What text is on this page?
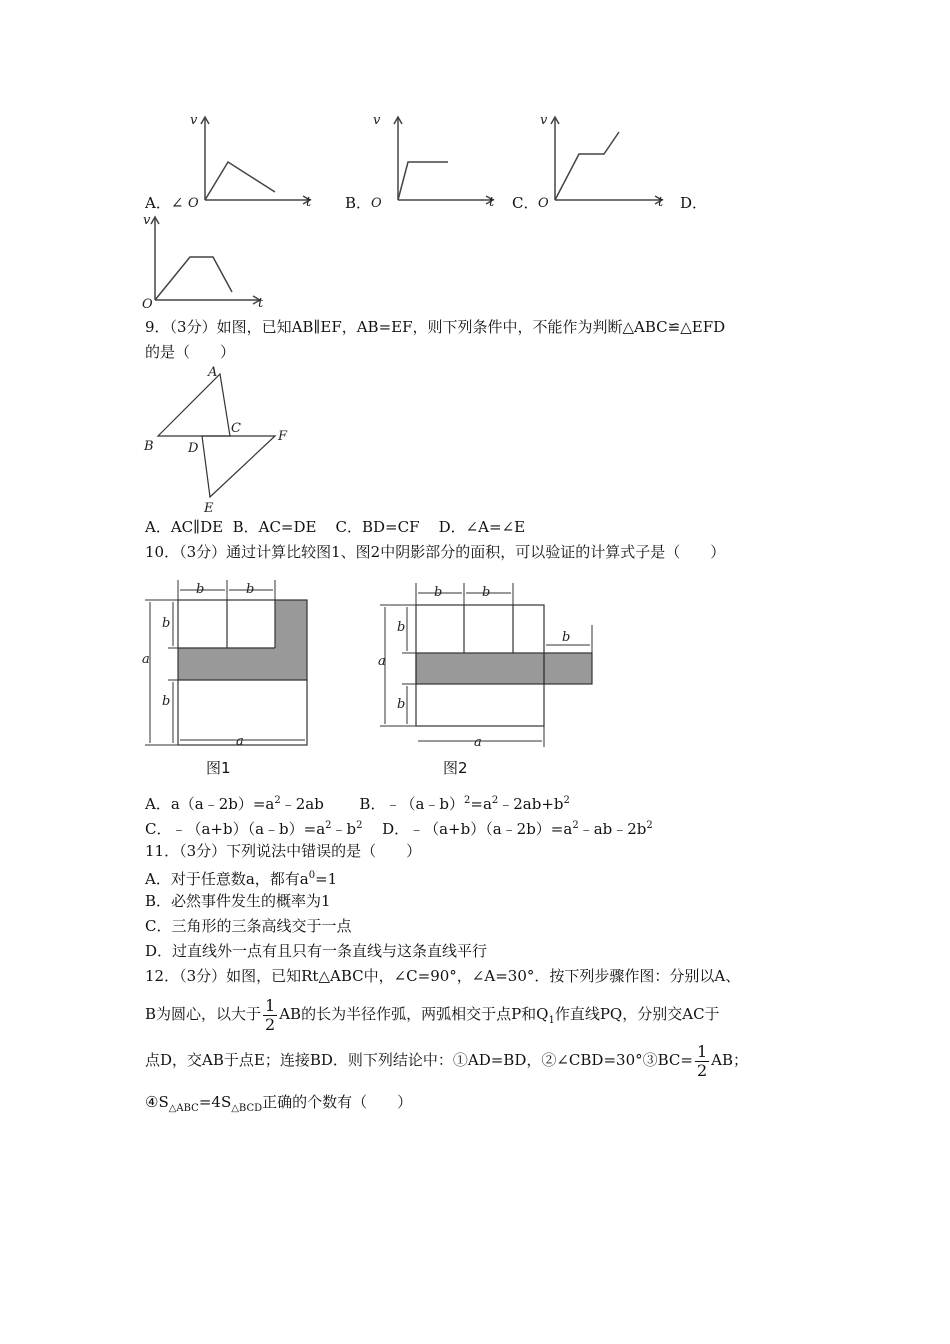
v
t
O
A．∠
v
t
O
B．
v
t
O
C．	D．
v
t
O
9．（3分）如图，已知AB∥EF，AB=EF，则下列条件中，不能作为判断△ABC≌△EFD
的是（　　）
A
B
C
D
E
F
A．AC∥DE  B．AC=DE    C．BD=CF    D．∠A=∠E
10．（3分）通过计算比较图1、图2中阴影部分的面积，可以验证的计算式子是（　　）
b	b
a
b
b
a
图1
b	b
b
a
b
b
a
图2
A．$a(a﹣2b)=a^2﹣2ab$ B．$﹣(a﹣b)^2=a^2﹣2ab+b^2$
C．$﹣(a+b)(a﹣b)=a^2﹣b^2$ D．$﹣(a+b)(a﹣2b)=a^2﹣ab﹣2b^2$
11．（3分）下列说法中错误的是（　　）
A．对于任意数a，都有$a^0=1$
B．必然事件发生的概率为1
C．三角形的三条高线交于一点
D．过直线外一点有且只有一条直线与这条直线平行
12．（3分）如图，已知Rt△ABC中，∠C=90°，∠A=30°．按下列步骤作图：分别以A、
B为圆心，以大于 $\frac{1}{2}$ AB的长为半径作弧，两弧相交于点P和$Q_1$作直线PQ，分别交AC于
点D，交AB于点E；连接BD．则下列结论中：①AD=BD，②∠CBD=30°③BC= $\frac{1}{2}$ AB；
$④S_{\triangle ABC}=4S_{\triangle BCD}$正确的个数有（　　）
